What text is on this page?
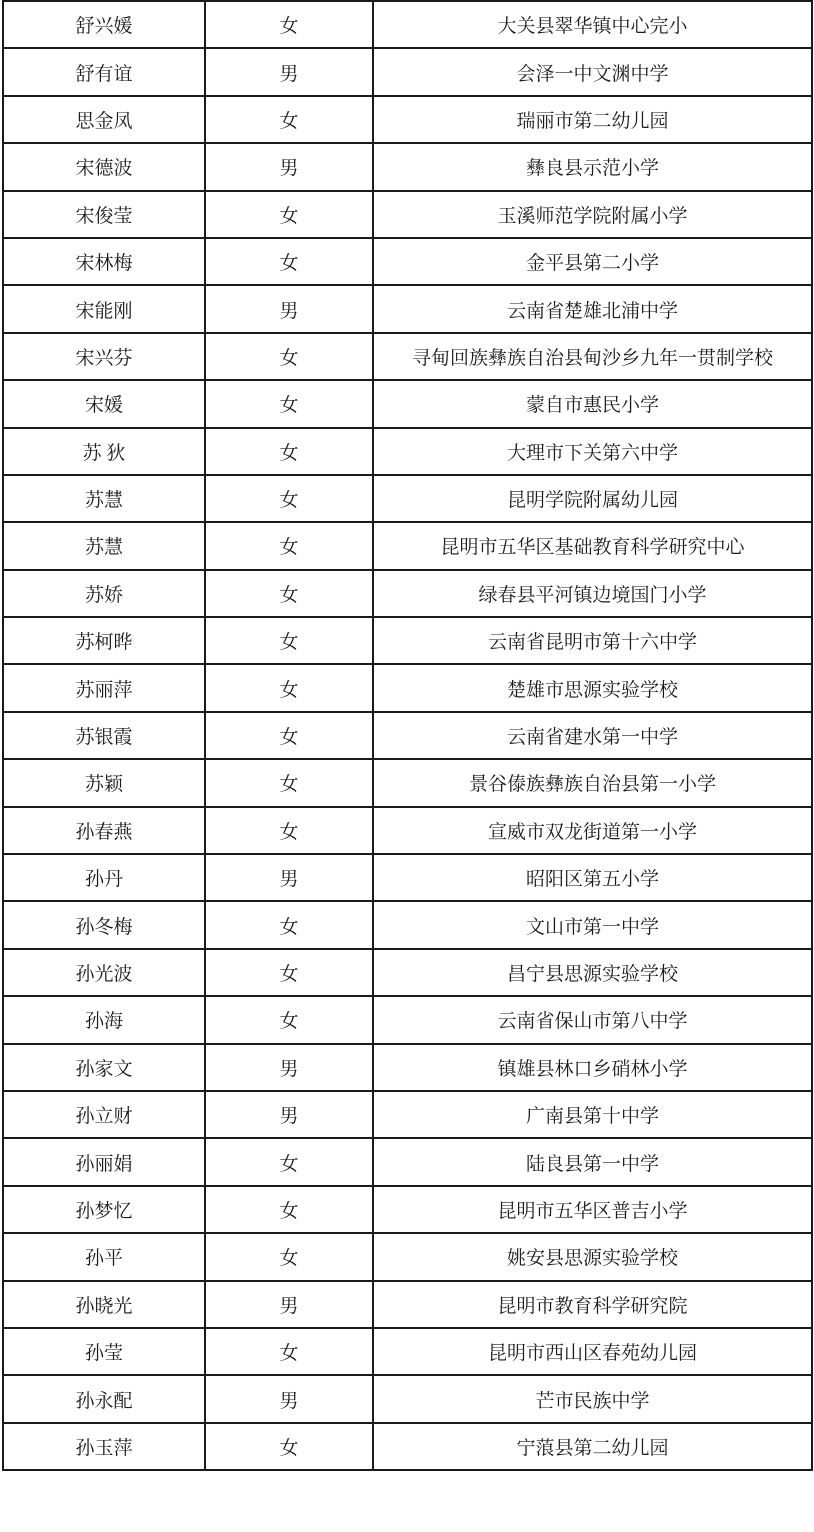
舒兴媛	女	大关县翠华镇中心完小
舒有谊	男	会泽一中文渊中学
思金凤	女	瑞丽市第二幼儿园
宋德波	男	彝良县示范小学
宋俊莹	女	玉溪师范学院附属小学
宋林梅	女	金平县第二小学
宋能刚	男	云南省楚雄北浦中学
宋兴芬	女	寻甸回族彝族自治县甸沙乡九年一贯制学校
宋媛	女	蒙自市惠民小学
苏 狄	女	大理市下关第六中学
苏慧	女	昆明学院附属幼儿园
苏慧	女	昆明市五华区基础教育科学研究中心
苏娇	女	绿春县平河镇边境国门小学
苏柯晔	女	云南省昆明市第十六中学
苏丽萍	女	楚雄市思源实验学校
苏银霞	女	云南省建水第一中学
苏颖	女	景谷傣族彝族自治县第一小学
孙春燕	女	宣威市双龙街道第一小学
孙丹	男	昭阳区第五小学
孙冬梅	女	文山市第一中学
孙光波	女	昌宁县思源实验学校
孙海	女	云南省保山市第八中学
孙家文	男	镇雄县林口乡硝林小学
孙立财	男	广南县第十中学
孙丽娟	女	陆良县第一中学
孙梦忆	女	昆明市五华区普吉小学
孙平	女	姚安县思源实验学校
孙晓光	男	昆明市教育科学研究院
孙莹	女	昆明市西山区春苑幼儿园
孙永配	男	芒市民族中学
孙玉萍	女	宁蒗县第二幼儿园
